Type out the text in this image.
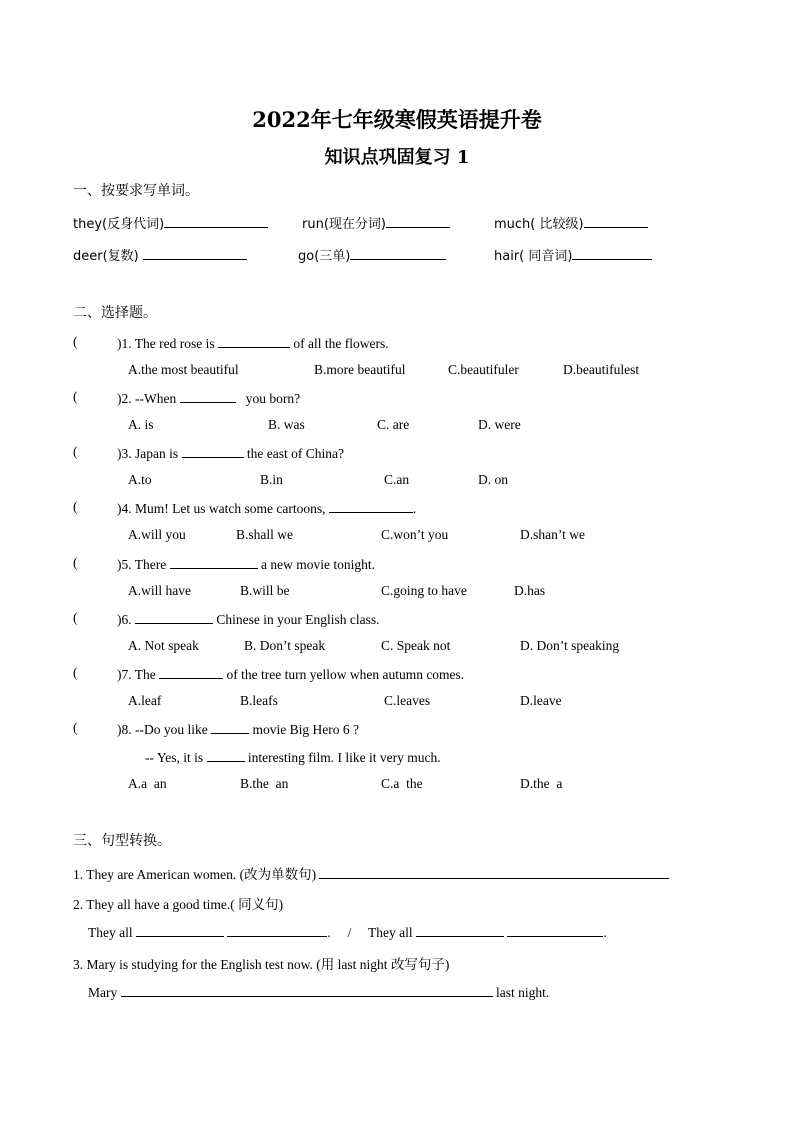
2022年七年级寒假英语提升卷
知识点巩固复习 1
一、按要求写单词。
they(反身代词)	run(现在分词)	much( 比较级)
deer(复数)	go(三单)	hair( 同音词)
二、选择题。
(	)1. The red rose is	of all the flowers.
A.the most beautiful	B.more beautiful	C.beautifuler	D.beautifulest
(	)2. --When	you born?
A. is	B. was	C. are	D. were
(	)3. Japan is	the east of China?
A.to	B.in	C.an	D. on
(	)4. Mum! Let us watch some cartoons,	.
A.will you	B.shall we	C.won’t you	D.shan’t we
(	)5. There	a new movie tonight.
A.will have	B.will be	C.going to have	D.has
(	)6.	Chinese in your English class.
A. Not speak	B. Don’t speak	C. Speak not	D. Don’t speaking
(	)7. The	of the tree turn yellow when autumn comes.
A.leaf	B.leafs	C.leaves	D.leave
(	)8. --Do you like	movie Big Hero 6 ?
-- Yes, it is	interesting film. I like it very much.
A.a  an	B.the  an	C.a  the	D.the  a
三、句型转换。
1. They are American women. (改为单数句)
2. They all have a good time.( 同义句)
They all	. / They all	.
3. Mary is studying for the English test now. (用 last night 改写句子)
Mary	last night.
